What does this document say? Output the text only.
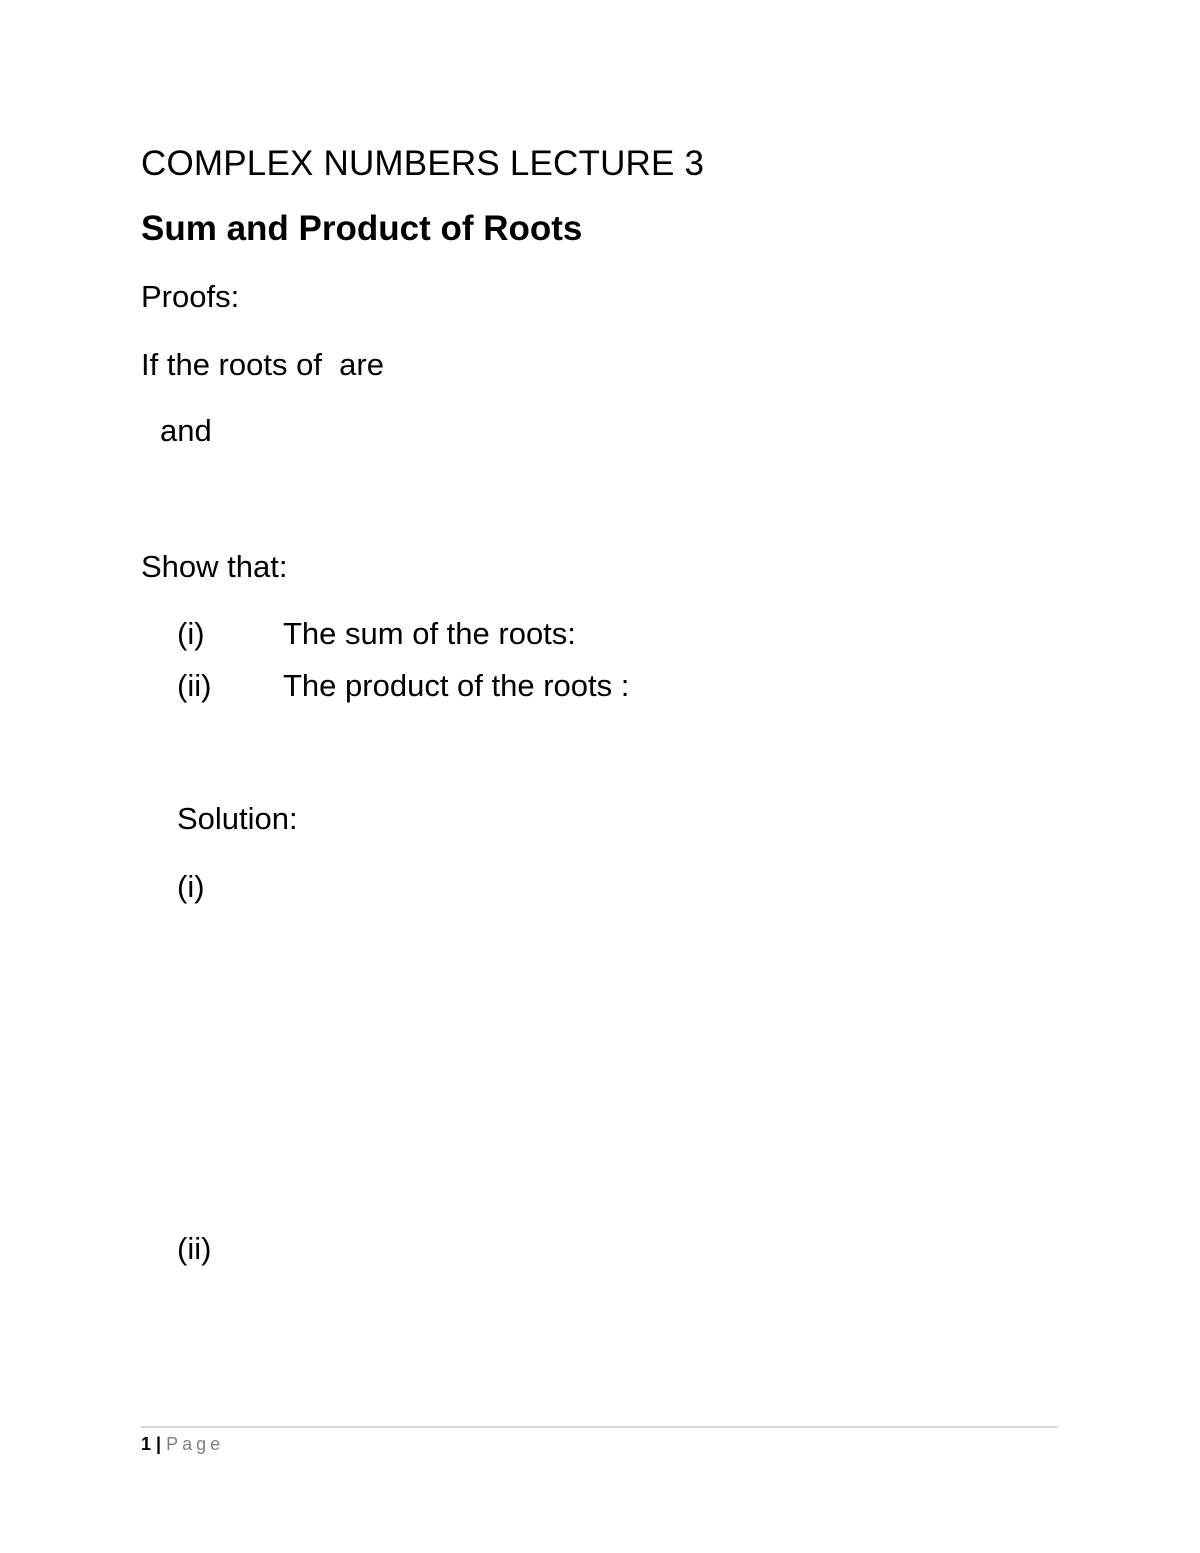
COMPLEX NUMBERS LECTURE 3
Sum and Product of Roots
Proofs:
If the roots of  are
and
Show that:
(i)	The sum of the roots:
(ii) The product of the roots :
Solution:
(i)
(ii)
1 | Page
